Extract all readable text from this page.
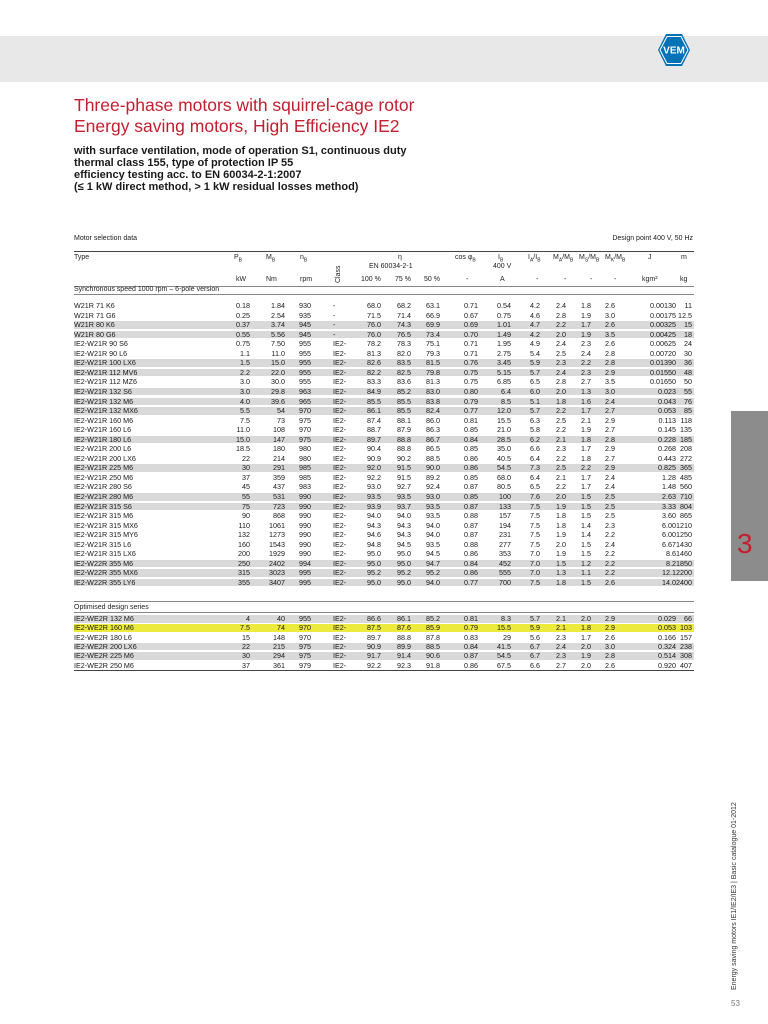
VEM
Three-phase motors with squirrel-cage rotor
Energy saving motors, High Efficiency IE2

with surface ventilation, mode of operation S1, continuous duty
thermal class 155, type of protection IP 55
efficiency testing acc. to EN 60034-2-1:2007
(≤ 1 kW direct method, > 1 kW residual losses method)

Motor selection data	Design point 400 V, 50 Hz
Type	$P_B$	$M_B$	$n_B$
Class
η
EN 60034-2-1
$\cos \varphi_B$	$I_B$
400 V
$I_A/I_B$ $M_A/M_B$ $M_S/M_B$ $M_K/M_B$	J	m
kW	Nm	rpm	100 % 75 % 50 %	-	A	-	-	-	-	kgm²	kg
Synchronous speed 1000 rpm – 6-pole version
W21R 71 K6	0.18	1.84 930	-	68.0	68.2	63.1	0.71	0.54	4.2	2.4	1.8	2.6	0.00130	11
W21R 71 G6	0.25	2.54 935	-	71.5	71.4	66.9	0.67	0.75	4.6	2.8	1.9	3.0	0.00175 12.5
W21R 80 K6	0.37	3.74 945	-	76.0	74.3	69.9	0.69	1.01	4.7	2.2	1.7	2.6	0.00325	15
W21R 80 G6	0.55	5.56 945	-	76.0	76.5	73.4	0.70	1.49	4.2	2.0	1.9	3.5	0.00425	18
IE2-W21R 90 S6	0.75	7.50 955	IE2-	78.2	78.3	75.1	0.71	1.95	4.9	2.4	2.3	2.6	0.00625	24
IE2-W21R 90 L6	1.1	11.0 955	IE2-	81.3	82.0	79.3	0.71	2.75	5.4	2.5	2.4	2.8	0.00720	30
IE2-W21R 100 LX6	1.5	15.0 955	IE2-	82.6	83.5	81.5	0.76	3.45	5.9	2.3	2.2	2.8	0.01390	36
IE2-W21R 112 MV6	2.2	22.0 955	IE2-	82.2	82.5	79.8	0.75	5.15	5.7	2.4	2.3	2.9	0.01550	48
IE2-W21R 112 MZ6	3.0	30.0 955	IE2-	83.3	83.6	81.3	0.75	6.85	6.5	2.8	2.7	3.5	0.01650	50
IE2-W21R 132 S6	3.0	29.8 963	IE2-	84.9	85.2	83.0	0.80	6.4	6.0	2.0	1.3	3.0	0.023	55
IE2-W21R 132 M6	4.0	39.6 965	IE2-	85.5	85.5	83.8	0.79	8.5	5.1	1.8	1.6	2.4	0.043	76
IE2-W21R 132 MX6	5.5	54 970	IE2-	86.1	85.5	82.4	0.77	12.0	5.7	2.2	1.7	2.7	0.053	85
IE2-W21R 160 M6	7.5	73 975	IE2-	87.4	88.1	86.0	0.81	15.5	6.3	2.5	2.1	2.9	0.113 118
IE2-W21R 160 L6	11.0	108 970	IE2-	88.7	87.9	86.3	0.85	21.0	5.8	2.2	1.9	2.7	0.145 135
IE2-W21R 180 L6	15.0	147 975	IE2-	89.7	88.8	86.7	0.84	28.5	6.2	2.1	1.8	2.8	0.228 185
IE2-W21R 200 L6	18.5	180 980	IE2-	90.4	88.8	86.5	0.85	35.0	6.6	2.3	1.7	2.9	0.268 208
IE2-W21R 200 LX6	22	214 980	IE2-	90.9	90.2	88.5	0.86	40.5	6.4	2.2	1.8	2.7	0.443 272
IE2-W21R 225 M6	30	291 985	IE2-	92.0	91.5	90.0	0.86	54.5	7.3	2.5	2.2	2.9	0.825 365
IE2-W21R 250 M6	37	359 985	IE2-	92.2	91.5	89.2	0.85	68.0	6.4	2.1	1.7	2.4	1.28 485
IE2-W21R 280 S6	45	437 983	IE2-	93.0	92.7	92.4	0.87	80.5	6.5	2.2	1.7	2.4	1.48 560
IE2-W21R 280 M6	55	531 990	IE2-	93.5	93.5	93.0	0.85	100	7.6	2.0	1.5	2.5	2.63 710
IE2-W21R 315 S6	75	723 990	IE2-	93.9	93.7	93.5	0.87	133	7.5	1.9	1.5	2.5	3.33 804
IE2-W21R 315 M6	90	868 990	IE2-	94.0	94.0	93.5	0.88	157	7.5	1.8	1.5	2.5	3.60 865
IE2-W21R 315 MX6	110	1061 990	IE2-	94.3	94.3	94.0	0.87	194	7.5	1.8	1.4	2.3	6.00 1210
IE2-W21R 315 MY6	132	1273 990	IE2-	94.6	94.3	94.0	0.87	231	7.5	1.9	1.4	2.2	6.00 1250
IE2-W21R 315 L6	160	1543 990	IE2-	94.8	94.5	93.5	0.88	277	7.5	2.0	1.5	2.4	6.67 1430
IE2-W21R 315 LX6	200	1929 990	IE2-	95.0	95.0	94.5	0.86	353	7.0	1.9	1.5	2.2	8.6 1460
IE2-W22R 355 M6	250	2402 994	IE2-	95.0	95.0	94.7	0.84	452	7.0	1.5	1.2	2.2	8.2 1850
IE2-W22R 355 MX6	315	3023 995	IE2-	95.2	95.2	95.2	0.86	555	7.0	1.3	1.1	2.2	12.1 2200
IE2-W22R 355 LY6	355	3407 995	IE2-	95.0	95.0	94.0	0.77	700	7.5	1.8	1.5	2.6	14.0 2400
Optimised design series
IE2-WE2R 132 M6	4	40 955	IE2-	86.6	86.1	85.2	0.81	8.3	5.7	2.1	2.0	2.9	0.029	66
IE2-WE2R 160 M6	7.5	74 970	IE2-	87.5	87.6	85.9	0.79	15.5	5.9	2.1	1.8	2.9	0.053 103
IE2-WE2R 180 L6	15	148 970	IE2-	89.7	88.8	87.8	0.83	29	5.6	2.3	1.7	2.6	0.166 157
IE2-WE2R 200 LX6	22	215 975	IE2-	90.9	89.9	88.5	0.84	41.5	6.7	2.4	2.0	3.0	0.324 238
IE2-WE2R 225 M6	30	294 975	IE2-	91.7	91.4	90.6	0.87	54.5	6.7	2.3	1.9	2.8	0.514 308
IE2-WE2R 250 M6	37	361 979	IE2-	92.2	92.3	91.8	0.86	67.5	6.6	2.7	2.0	2.6	0.920 407
3
Energy saving motors IE1/IE2/IE3 | Basic catalogue 01-2012
53
